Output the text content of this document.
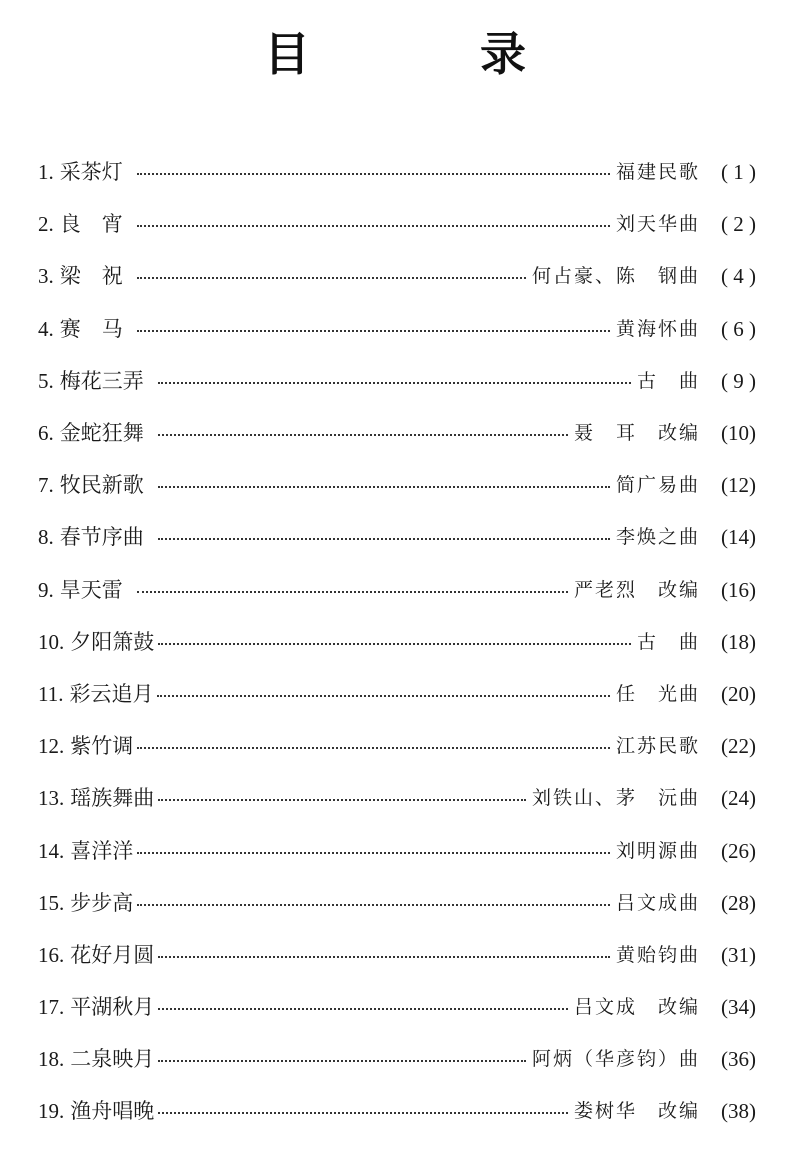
目　录
1. 采茶灯	福建民歌	( 1 )
2. 良　宵	刘天华曲	( 2 )
3. 梁　祝	何占豪、陈　钢曲	( 4 )
4. 赛　马	黄海怀曲	( 6 )
5. 梅花三弄	古　曲	( 9 )
6. 金蛇狂舞	聂　耳　改编	(10)
7. 牧民新歌	简广易曲	(12)
8. 春节序曲	李焕之曲	(14)
9. 旱天雷	严老烈　改编	(16)
10. 夕阳箫鼓	古　曲	(18)
11. 彩云追月	任　光曲	(20)
12. 紫竹调	江苏民歌	(22)
13. 瑶族舞曲	刘铁山、茅　沅曲	(24)
14. 喜洋洋	刘明源曲	(26)
15. 步步高	吕文成曲	(28)
16. 花好月圆	黄贻钧曲	(31)
17. 平湖秋月	吕文成　改编	(34)
18. 二泉映月	阿炳（华彦钧）曲	(36)
19. 渔舟唱晚	娄树华　改编	(38)
